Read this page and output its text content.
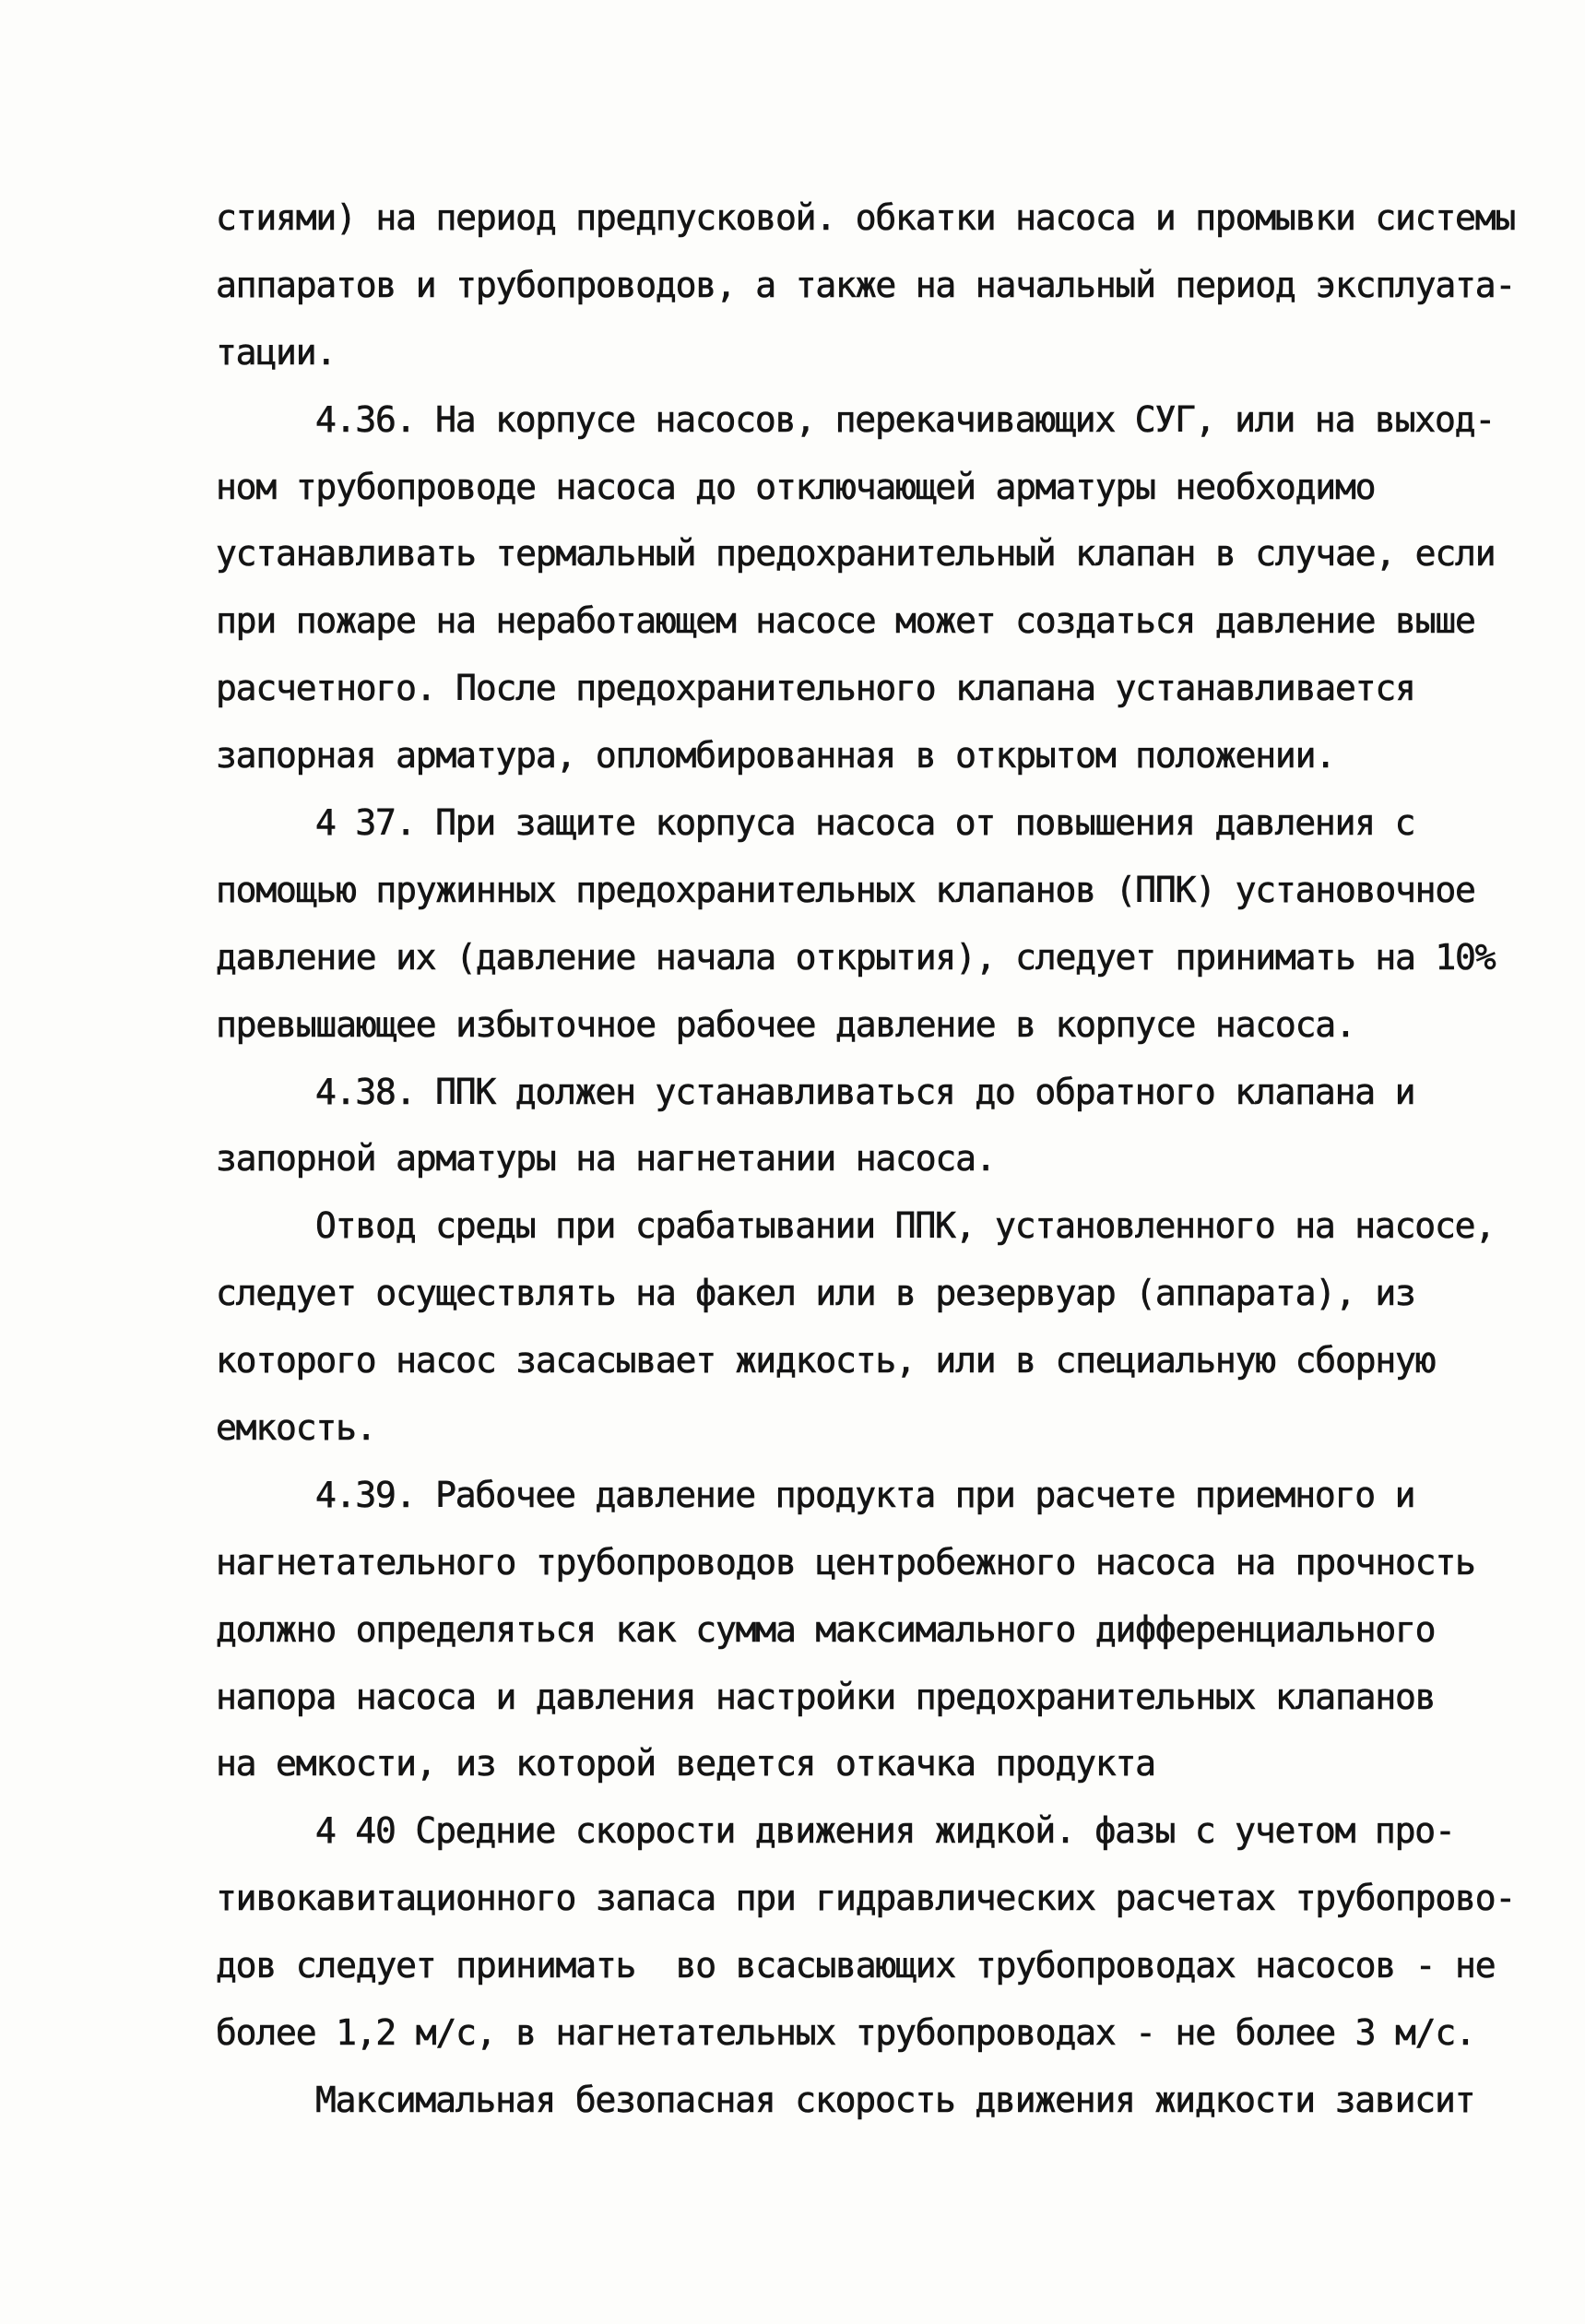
стиями) на период предпусковой. обкатки насоса и промывки системы
аппаратов и трубопроводов, а также на начальный период эксплуата-
тации.
4.36. На корпусе насосов, перекачивающих СУГ, или на выход-
ном трубопроводе насоса до отключающей арматуры необходимо
устанавливать термальный предохранительный клапан в случае, если
при пожаре на неработающем насосе может создаться давление выше
расчетного. После предохранительного клапана устанавливается
запорная арматура, опломбированная в открытом положении.
4 37. При защите корпуса насоса от повышения давления с
помощью пружинных предохранительных клапанов (ППК) установочное
давление их (давление начала открытия), следует принимать на 10%
превышающее избыточное рабочее давление в корпусе насоса.
4.38. ППК должен устанавливаться до обратного клапана и
запорной арматуры на нагнетании насоса.
Отвод среды при срабатывании ППК, установленного на насосе,
следует осуществлять на факел или в резервуар (аппарата), из
которого насос засасывает жидкость, или в специальную сборную
емкость.
4.39. Рабочее давление продукта при расчете приемного и
нагнетательного трубопроводов центробежного насоса на прочность
должно определяться как сумма максимального дифференциального
напора насоса и давления настройки предохранительных клапанов
на емкости, из которой ведется откачка продукта
4 40 Средние скорости движения жидкой. фазы с учетом про-
тивокавитационного запаса при гидравлических расчетах трубопрово-
дов следует принимать  во всасывающих трубопроводах насосов - не
более 1,2 м/с, в нагнетательных трубопроводах - не более 3 м/с.
Максимальная безопасная скорость движения жидкости зависит
